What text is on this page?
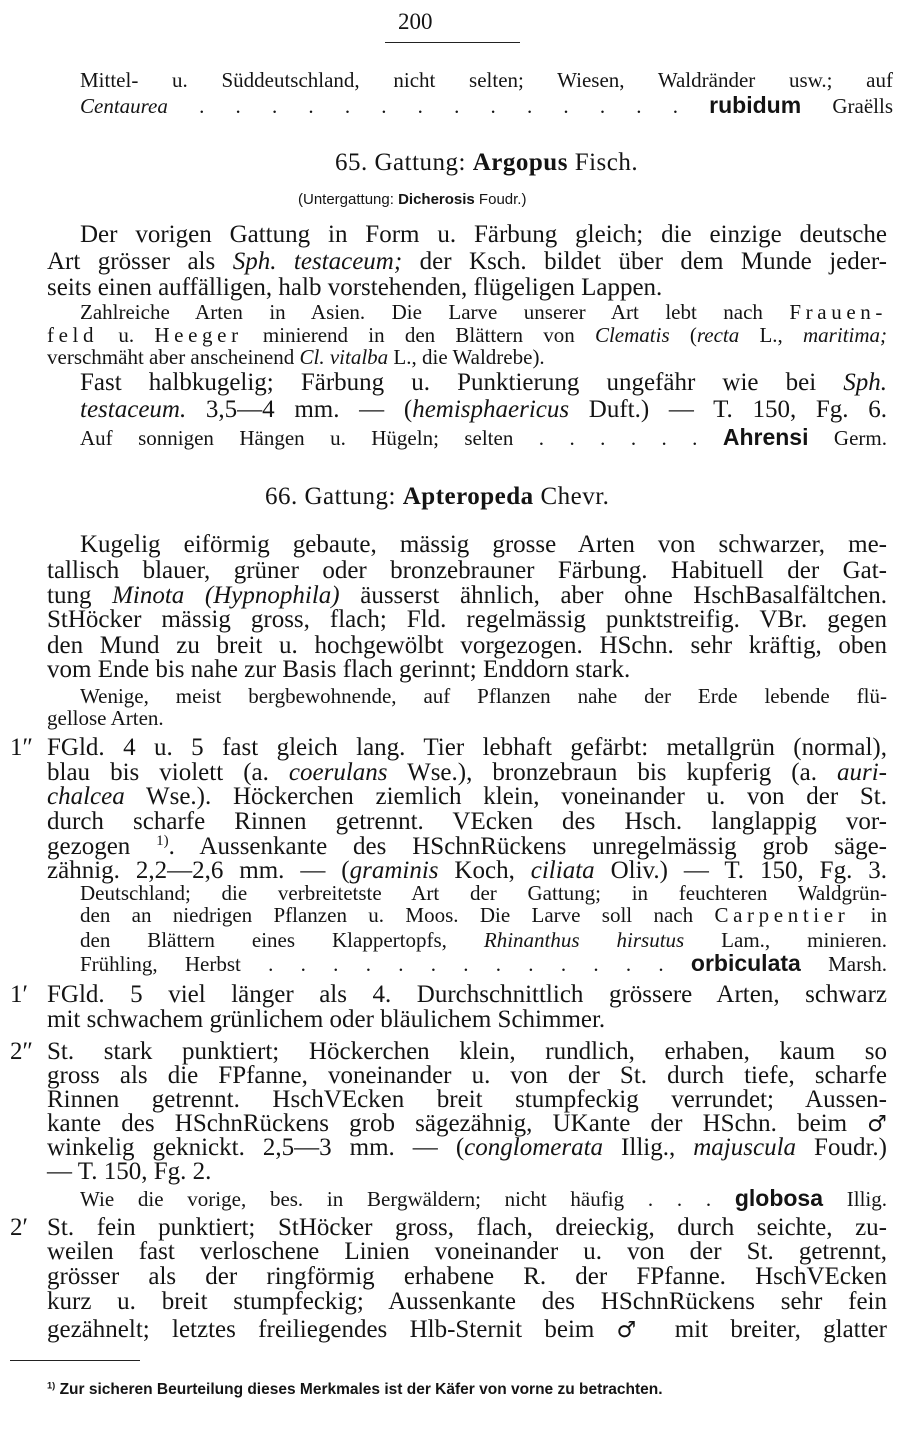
200
Mittel- u. Süddeutschland, nicht selten; Wiesen, Waldränder usw.; auf
Centaurea . . . . . . . . . . . . . . rubidum Graëlls
65. Gattung: Argopus Fisch.
(Untergattung: Dicherosis Foudr.)
Der vorigen Gattung in Form u. Färbung gleich; die einzige deutsche
Art grösser als Sph. testaceum; der Ksch. bildet über dem Munde jeder-
seits einen auffälligen, halb vorstehenden, flügeligen Lappen.
Zahlreiche Arten in Asien. Die Larve unserer Art lebt nach Frauen-
feld u. Heeger minierend in den Blättern von Clematis (recta L., maritima;
verschmäht aber anscheinend Cl. vitalba L., die Waldrebe).
Fast halbkugelig; Färbung u. Punktierung ungefähr wie bei Sph.
testaceum. 3,5—4 mm. — (hemisphaericus Duft.) — T. 150, Fg. 6.
Auf sonnigen Hängen u. Hügeln; selten . . . . . . Ahrensi Germ.
66. Gattung: Apteropeda Chevr.
Kugelig eiförmig gebaute, mässig grosse Arten von schwarzer, me-
tallisch blauer, grüner oder bronzebrauner Färbung. Habituell der Gat-
tung Minota (Hypnophila) äusserst ähnlich, aber ohne HschBasalfältchen.
StHöcker mässig gross, flach; Fld. regelmässig punktstreifig. VBr. gegen
den Mund zu breit u. hochgewölbt vorgezogen. HSchn. sehr kräftig, oben
vom Ende bis nahe zur Basis flach gerinnt; Enddorn stark.
Wenige, meist bergbewohnende, auf Pflanzen nahe der Erde lebende flü-
gellose Arten.
1″ FGld. 4 u. 5 fast gleich lang. Tier lebhaft gefärbt: metallgrün (normal),
blau bis violett (a. coerulans Wse.), bronzebraun bis kupferig (a. auri-
chalcea Wse.). Höckerchen ziemlich klein, voneinander u. von der St.
durch scharfe Rinnen getrennt. VEcken des Hsch. langlappig vor-
gezogen $^{1)}$. Aussenkante des HSchnRückens unregelmässig grob säge-
zähnig. 2,2—2,6 mm. — (graminis Koch, ciliata Oliv.) — T. 150, Fg. 3.
Deutschland; die verbreitetste Art der Gattung; in feuchteren Waldgrün-
den an niedrigen Pflanzen u. Moos. Die Larve soll nach Carpentier in
den Blättern eines Klappertopfs, Rhinanthus hirsutus Lam., minieren.
Frühling, Herbst . . . . . . . . . . . . . orbiculata Marsh.
1′ FGld. 5 viel länger als 4. Durchschnittlich grössere Arten, schwarz
mit schwachem grünlichem oder bläulichem Schimmer.
2″ St. stark punktiert; Höckerchen klein, rundlich, erhaben, kaum so
gross als die FPfanne, voneinander u. von der St. durch tiefe, scharfe
Rinnen getrennt. HschVEcken breit stumpfeckig verrundet; Aussen-
kante des HSchnRückens grob sägezähnig, UKante der HSchn. beim ♂
winkelig geknickt. 2,5—3 mm. — (conglomerata Illig., majuscula Foudr.)
— T. 150, Fg. 2.
Wie die vorige, bes. in Bergwäldern; nicht häufig . . . globosa Illig.
2′ St. fein punktiert; StHöcker gross, flach, dreieckig, durch seichte, zu-
weilen fast verloschene Linien voneinander u. von der St. getrennt,
grösser als der ringförmig erhabene R. der FPfanne. HschVEcken
kurz u. breit stumpfeckig; Aussenkante des HSchnRückens sehr fein
gezähnelt; letztes freiliegendes Hlb-Sternit beim ♂ mit breiter, glatter
$^{1)}$ Zur sicheren Beurteilung dieses Merkmales ist der Käfer von vorne zu betrachten.
